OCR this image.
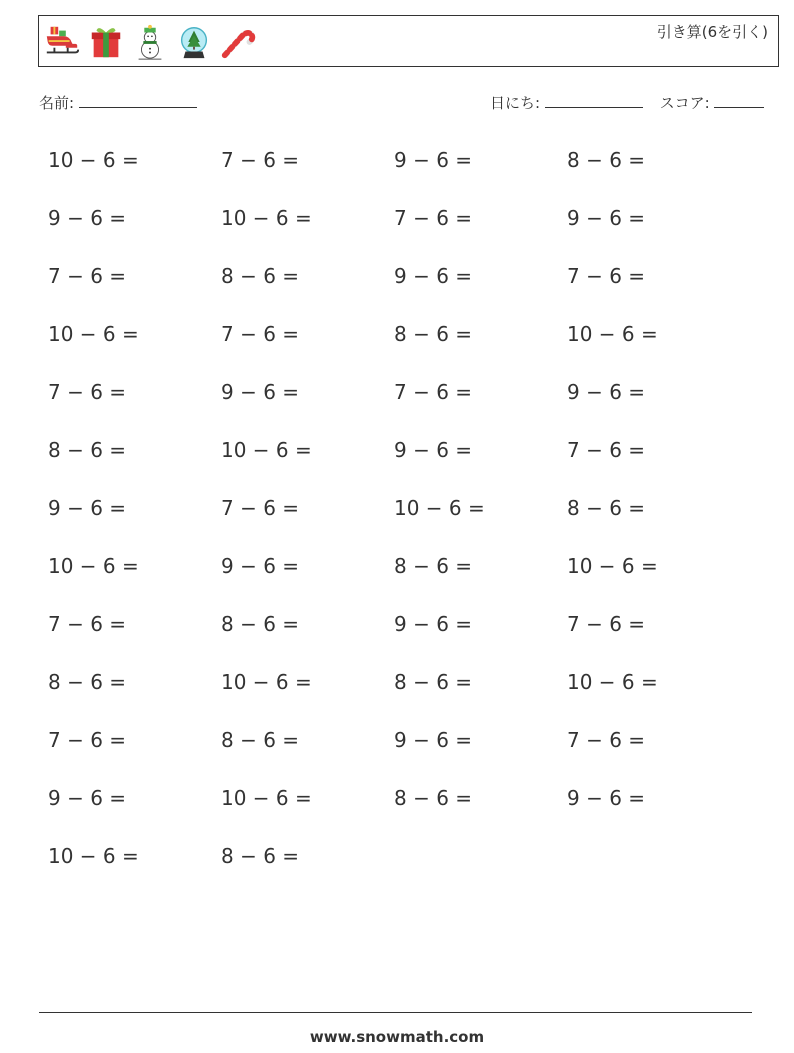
引き算(6を引く)
名前:	日にち:	スコア:
10 − 6 =	7 − 6 =	9 − 6 =	8 − 6 =
9 − 6 =	10 − 6 =	7 − 6 =	9 − 6 =
7 − 6 =	8 − 6 =	9 − 6 =	7 − 6 =
10 − 6 =	7 − 6 =	8 − 6 =	10 − 6 =
7 − 6 =	9 − 6 =	7 − 6 =	9 − 6 =
8 − 6 =	10 − 6 =	9 − 6 =	7 − 6 =
9 − 6 =	7 − 6 =	10 − 6 =	8 − 6 =
10 − 6 =	9 − 6 =	8 − 6 =	10 − 6 =
7 − 6 =	8 − 6 =	9 − 6 =	7 − 6 =
8 − 6 =	10 − 6 =	8 − 6 =	10 − 6 =
7 − 6 =	8 − 6 =	9 − 6 =	7 − 6 =
9 − 6 =	10 − 6 =	8 − 6 =	9 − 6 =
10 − 6 =	8 − 6 =
www.snowmath.com
